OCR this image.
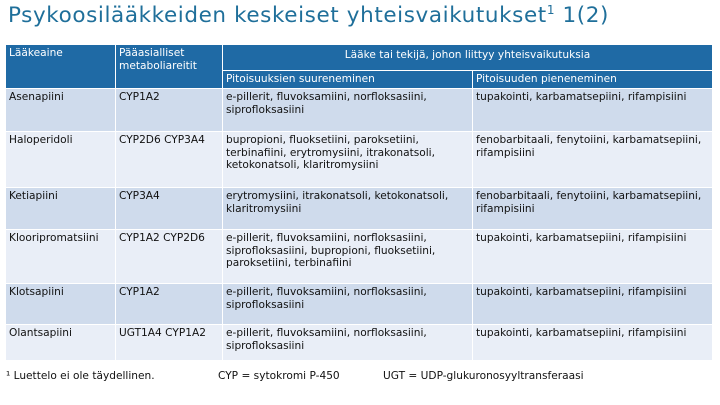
Psykoosilääkkeiden keskeiset yhteisvaikutukset$^1$ 1(2)
Lääkeaine	Pääasialliset metaboliareitit	Lääke tai tekijä, johon liittyy yhteisvaikutuksia	
		Pitoisuuksien suureneminen	Pitoisuuden pieneneminen
Asenapiini	CYP1A2	e-pillerit, fluvoksamiini, norfloksasiini, siprofloksasiini	tupakointi, karbamatsepiini, rifampisiini
Haloperidoli	CYP2D6 CYP3A4	bupropioni, fluoksetiini, paroksetiini, terbinafiini, erytromysiini, itrakonatsoli, ketokonatsoli, klaritromysiini	fenobarbitaali, fenytoiini, karbamatsepiini, rifampisiini
Ketiapiini	CYP3A4	erytromysiini, itrakonatsoli, ketokonatsoli, klaritromysiini	fenobarbitaali, fenytoiini, karbamatsepiini, rifampisiini
Klooripromatsiini	CYP1A2 CYP2D6	e-pillerit, fluvoksamiini, norfloksasiini, siprofloksasiini, bupropioni, fluoksetiini, paroksetiini, terbinafiini	tupakointi, karbamatsepiini, rifampisiini
Klotsapiini	CYP1A2	e-pillerit, fluvoksamiini, norfloksasiini, siprofloksasiini	tupakointi, karbamatsepiini, rifampisiini
Olantsapiini	UGT1A4 CYP1A2	e-pillerit, fluvoksamiini, norfloksasiini, siprofloksasiini	tupakointi, karbamatsepiini, rifampisiini
¹ Luettelo ei ole täydellinen.	CYP = sytokromi P-450	UGT = UDP-glukuronosyyltransferaasi
